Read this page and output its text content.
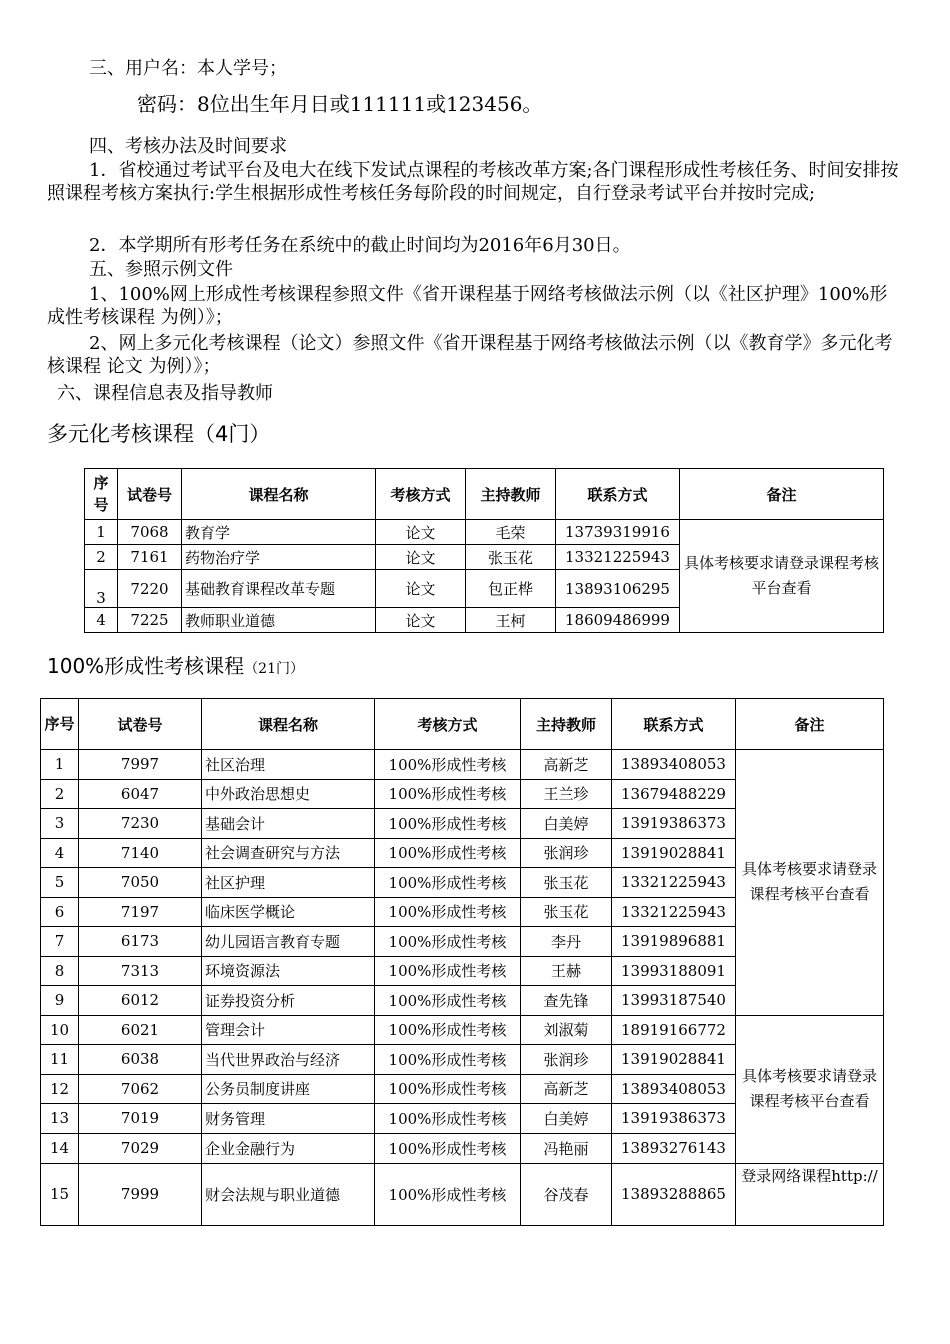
三、用户名：本人学号；
密码：8位出生年月日或111111或123456。
四、考核办法及时间要求
1．省校通过考试平台及电大在线下发试点课程的考核改革方案;各门课程形成性考核任务、时间安排按照课程考核方案执行:学生根据形成性考核任务每阶段的时间规定，自行登录考试平台并按时完成;
2．本学期所有形考任务在系统中的截止时间均为2016年6月30日。
五、参照示例文件
1、100%网上形成性考核课程参照文件《省开课程基于网络考核做法示例（以《社区护理》100%形成性考核课程 为例）》；
2、网上多元化考核课程（论文）参照文件《省开课程基于网络考核做法示例（以《教育学》多元化考核课程 论文 为例）》；
六、课程信息表及指导教师
多元化考核课程（4门）
序号	试卷号	课程名称	考核方式	主持教师	联系方式	备注
1	7068	教育学	论文	毛荣	13739319916	具体考核要求请登录课程考核平台查看
2	7161	药物治疗学	论文	张玉花	13321225943	
3	7220	基础教育课程改革专题	论文	包正桦	13893106295	
4	7225	教师职业道德	论文	王柯	18609486999	
100%形成性考核课程（21门）
序号	试卷号	课程名称	考核方式	主持教师	联系方式	备注
1	7997	社区治理	100%形成性考核	高新芝	13893408053	具体考核要求请登录课程考核平台查看
2	6047	中外政治思想史	100%形成性考核	王兰珍	13679488229	
3	7230	基础会计	100%形成性考核	白美婷	13919386373	
4	7140	社会调查研究与方法	100%形成性考核	张润珍	13919028841	
5	7050	社区护理	100%形成性考核	张玉花	13321225943	
6	7197	临床医学概论	100%形成性考核	张玉花	13321225943	
7	6173	幼儿园语言教育专题	100%形成性考核	李丹	13919896881	
8	7313	环境资源法	100%形成性考核	王赫	13993188091	
9	6012	证券投资分析	100%形成性考核	查先锋	13993187540	
10	6021	管理会计	100%形成性考核	刘淑菊	18919166772	具体考核要求请登录课程考核平台查看
11	6038	当代世界政治与经济	100%形成性考核	张润珍	13919028841	
12	7062	公务员制度讲座	100%形成性考核	高新芝	13893408053	
13	7019	财务管理	100%形成性考核	白美婷	13919386373	
14	7029	企业金融行为	100%形成性考核	冯艳丽	13893276143	
15	7999	财会法规与职业道德	100%形成性考核	谷茂春	13893288865	登录网络课程http://
